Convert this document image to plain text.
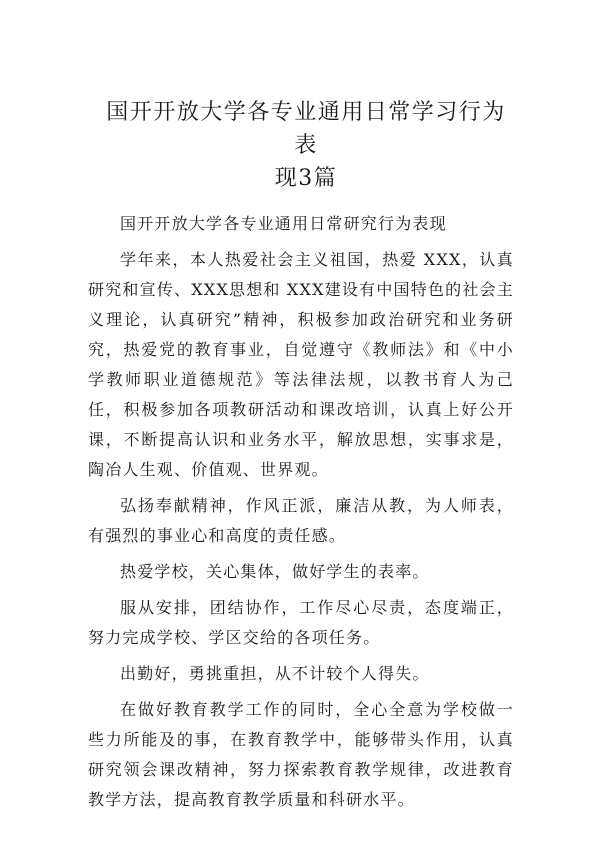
国开开放大学各专业通用日常学习行为表
现3篇

国开开放大学各专业通用日常研究行为表现

学年来，本人热爱社会主义祖国，热爱 XXX，认真研究和宣传、XXX思想和 XXX建设有中国特色的社会主义理论，认真研究”精神，积极参加政治研究和业务研究，热爱党的教育事业，自觉遵守《教师法》和《中小学教师职业道德规范》等法律法规，以教书育人为己任，积极参加各项教研活动和课改培训，认真上好公开课，不断提高认识和业务水平，解放思想，实事求是，陶冶人生观、价值观、世界观。

弘扬奉献精神，作风正派，廉洁从教，为人师表，有强烈的事业心和高度的责任感。

热爱学校，关心集体，做好学生的表率。

服从安排，团结协作，工作尽心尽责，态度端正，努力完成学校、学区交给的各项任务。

出勤好，勇挑重担，从不计较个人得失。

在做好教育教学工作的同时，全心全意为学校做一些力所能及的事，在教育教学中，能够带头作用，认真研究领会课改精神，努力探索教育教学规律，改进教育教学方法，提高教育教学质量和科研水平。
